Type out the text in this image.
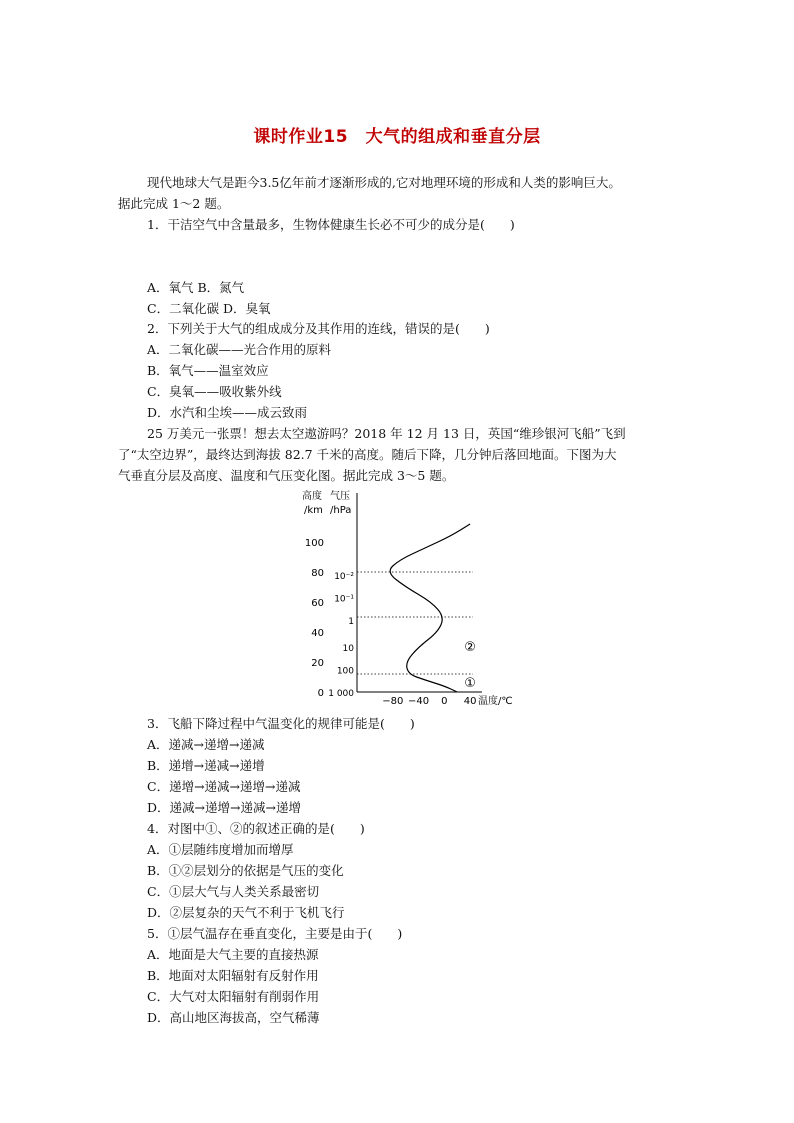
课时作业15　大气的组成和垂直分层
现代地球大气是距今3.5亿年前才逐渐形成的,它对地理环境的形成和人类的影响巨大。
据此完成 1～2 题。
1．干洁空气中含量最多，生物体健康生长必不可少的成分是(　　)
A．氧气 B．氮气
C．二氧化碳 D．臭氧
2．下列关于大气的组成成分及其作用的连线，错误的是(　　)
A．二氧化碳——光合作用的原料
B．氧气——温室效应
C．臭氧——吸收紫外线
D．水汽和尘埃——成云致雨
25 万美元一张票！想去太空遨游吗？2018 年 12 月 13 日，英国“维珍银河飞船”飞到
了“太空边界”，最终达到海拔 82.7 千米的高度。随后下降，几分钟后落回地面。下图为大
气垂直分层及高度、温度和气压变化图。据此完成 3～5 题。
高度
/km
气压
/hPa
0
20
40
60
80
100
1 000
100
10
1
10⁻¹
10⁻²
−80 −40 0 40 温度/℃
①
②
3．飞船下降过程中气温变化的规律可能是(　　)
A．递减→递增→递减
B．递增→递减→递增
C．递增→递减→递增→递减
D．递减→递增→递减→递增
4．对图中①、②的叙述正确的是(　　)
A．①层随纬度增加而增厚
B．①②层划分的依据是气压的变化
C．①层大气与人类关系最密切
D．②层复杂的天气不利于飞机飞行
5．①层气温存在垂直变化，主要是由于(　　)
A．地面是大气主要的直接热源
B．地面对太阳辐射有反射作用
C．大气对太阳辐射有削弱作用
D．高山地区海拔高，空气稀薄
